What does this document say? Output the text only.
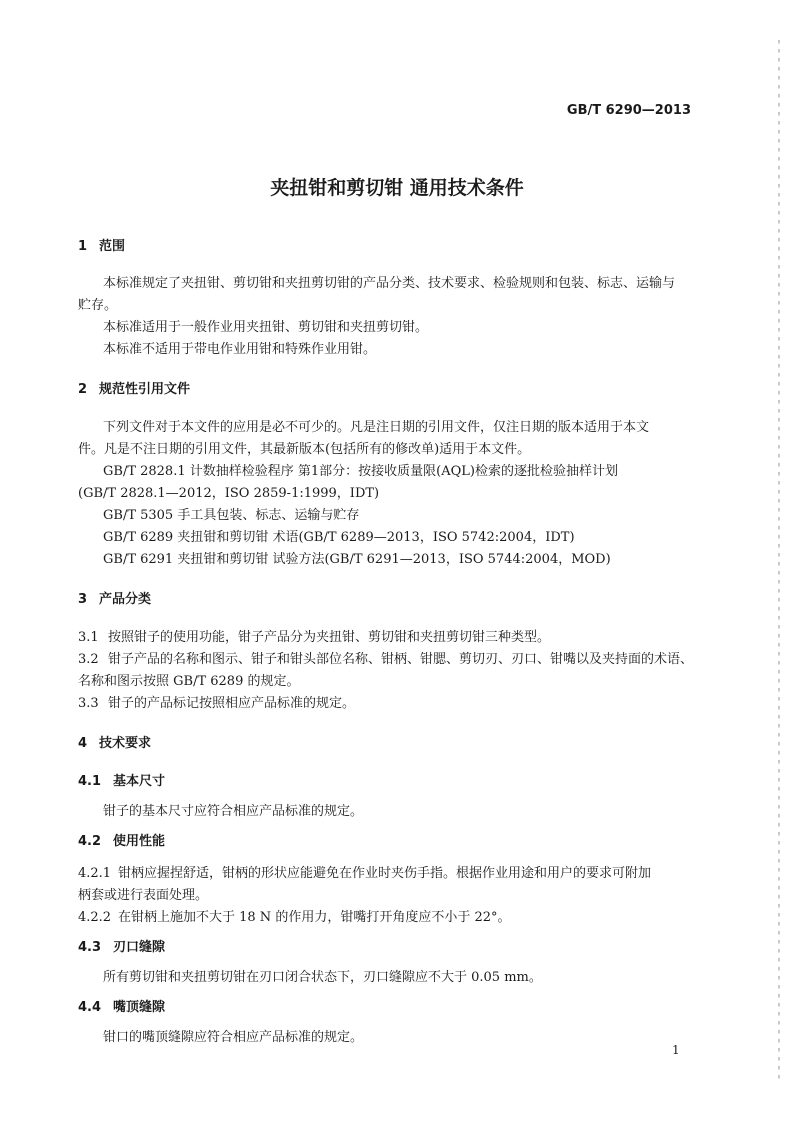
GB/T 6290—2013
夹扭钳和剪切钳 通用技术条件
1 范围
本标准规定了夹扭钳、剪切钳和夹扭剪切钳的产品分类、技术要求、检验规则和包装、标志、运输与
贮存。
本标准适用于一般作业用夹扭钳、剪切钳和夹扭剪切钳。
本标准不适用于带电作业用钳和特殊作业用钳。
2 规范性引用文件
下列文件对于本文件的应用是必不可少的。凡是注日期的引用文件，仅注日期的版本适用于本文
件。凡是不注日期的引用文件，其最新版本(包括所有的修改单)适用于本文件。
GB/T 2828.1 计数抽样检验程序 第1部分：按接收质量限(AQL)检索的逐批检验抽样计划
(GB/T 2828.1—2012，ISO 2859-1:1999，IDT)
GB/T 5305 手工具包装、标志、运输与贮存
GB/T 6289 夹扭钳和剪切钳 术语(GB/T 6289—2013，ISO 5742:2004，IDT)
GB/T 6291 夹扭钳和剪切钳 试验方法(GB/T 6291—2013，ISO 5744:2004，MOD)
3 产品分类
3.1 按照钳子的使用功能，钳子产品分为夹扭钳、剪切钳和夹扭剪切钳三种类型。
3.2 钳子产品的名称和图示、钳子和钳头部位名称、钳柄、钳腮、剪切刃、刃口、钳嘴以及夹持面的术语、
名称和图示按照 GB/T 6289 的规定。
3.3 钳子的产品标记按照相应产品标准的规定。
4 技术要求
4.1 基本尺寸
钳子的基本尺寸应符合相应产品标准的规定。
4.2 使用性能
4.2.1 钳柄应握捏舒适，钳柄的形状应能避免在作业时夹伤手指。根据作业用途和用户的要求可附加
柄套或进行表面处理。
4.2.2 在钳柄上施加不大于 18 N 的作用力，钳嘴打开角度应不小于 22°。
4.3 刃口缝隙
所有剪切钳和夹扭剪切钳在刃口闭合状态下，刃口缝隙应不大于 0.05 mm。
4.4 嘴顶缝隙
钳口的嘴顶缝隙应符合相应产品标准的规定。
1
